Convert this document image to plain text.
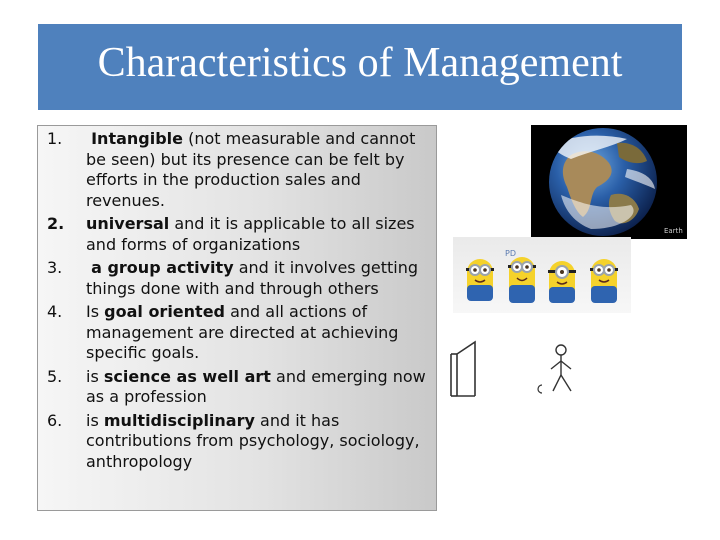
Characteristics of Management
1. Intangible (not measurable and cannot be seen) but its presence can be felt by efforts in the production sales and revenues.
2. universal and it is applicable to all sizes and forms of organizations
3. a group activity and it involves getting things done with and through others
4. Is goal oriented and all actions of management are directed at achieving specific goals.
5. is science as well art and emerging now as a profession
6. is multidisciplinary and it has contributions from psychology, sociology, anthropology
Earth
PD
